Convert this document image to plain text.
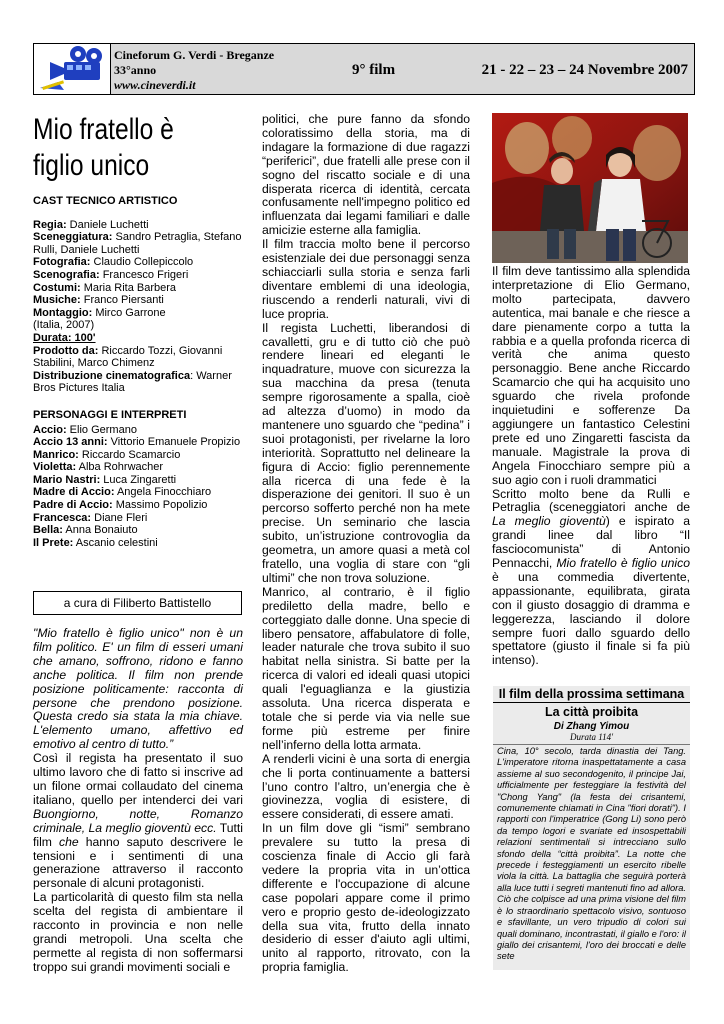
Cineforum G. Verdi - Breganze
33°anno
www.cineverdi.it
9° film	21 - 22 – 23 – 24 Novembre 2007
Mio fratello è
figlio unico

CAST TECNICO ARTISTICO

Regia: Daniele Luchetti

Sceneggiatura: Sandro Petraglia, Stefano Rulli, Daniele Luchetti

Fotografia: Claudio Collepiccolo

Scenografia: Francesco Frigeri

Costumi: Maria Rita Barbera

Musiche: Franco Piersanti

Montaggio: Mirco Garrone

(Italia, 2007)

Durata: 100'

Prodotto da: Riccardo Tozzi, Giovanni Stabilini, Marco Chimenz

Distribuzione cinematografica: Warner Bros Pictures Italia

PERSONAGGI E INTERPRETI

Accio: Elio Germano

Accio 13 anni: Vittorio Emanuele Propizio

Manrico: Riccardo Scamarcio

Violetta: Alba Rohrwacher

Mario Nastri: Luca Zingaretti

Madre di Accio: Angela Finocchiaro

Padre di Accio: Massimo Popolizio

Francesca: Diane Fleri

Bella: Anna Bonaiuto

Il Prete: Ascanio celestini

a cura di Filiberto Battistello

"Mio fratello è figlio unico" non è un film politico. E' un film di esseri umani che amano, soffrono, ridono e fanno anche politica. Il film non prende posizione politicamente: racconta di persone che prendono posizione. Questa credo sia stata la mia chiave. L'elemento umano, affettivo ed emotivo al centro di tutto.”

Così il regista ha presentato il suo ultimo lavoro che di fatto si inscrive ad un filone ormai collaudato del cinema italiano, quello per intenderci dei vari Buongiorno, notte, Romanzo criminale, La meglio gioventù ecc. Tutti film che hanno saputo descrivere le tensioni e i sentimenti di una generazione attraverso il racconto personale di alcuni protagonisti.

La particolarità di questo film sta nella scelta del regista di ambientare il racconto in provincia e non nelle grandi metropoli. Una scelta che permette al regista di non soffermarsi troppo sui grandi movimenti sociali e

politici, che pure fanno da sfondo coloratissimo della storia, ma di indagare la formazione di due ragazzi “periferici”, due fratelli alle prese con il sogno del riscatto sociale e di una disperata ricerca di identità, cercata confusamente nell'impegno politico ed influenzata dai legami familiari e dalle amicizie esterne alla famiglia.

Il film traccia molto bene il percorso esistenziale dei due personaggi senza schiacciarli sulla storia e senza farli diventare emblemi di una ideologia, riuscendo a renderli naturali, vivi di luce propria.

Il regista Luchetti, liberandosi di cavalletti, gru e di tutto ciò che può rendere lineari ed eleganti le inquadrature, muove con sicurezza la sua macchina da presa (tenuta sempre rigorosamente a spalla, cioè ad altezza d’uomo) in modo da mantenere uno sguardo che “pedina” i suoi protagonisti, per rivelarne la loro interiorità. Soprattutto nel delineare la figura di Accio: figlio perennemente alla ricerca di una fede è la disperazione dei genitori. Il suo è un percorso sofferto perché non ha mete precise. Un seminario che lascia subito, un’istruzione controvoglia da geometra, un amore quasi a metà col fratello, una voglia di stare con “gli ultimi” che non trova soluzione.

Manrico, al contrario, è il figlio prediletto della madre, bello e corteggiato dalle donne. Una specie di libero pensatore, affabulatore di folle, leader naturale che trova subito il suo habitat nella sinistra. Si batte per la ricerca di valori ed ideali quasi utopici quali l'eguaglianza e la giustizia assoluta. Una ricerca disperata e totale che si perde via via nelle sue forme più estreme per finire nell’inferno della lotta armata.

A renderli vicini è una sorta di energia che li porta continuamente a battersi l’uno contro l’altro, un’energia che è giovinezza, voglia di esistere, di essere considerati, di essere amati.

In un film dove gli “ismi” sembrano prevalere su tutto la presa di coscienza finale di Accio gli farà vedere la propria vita in un’ottica differente e l'occupazione di alcune case popolari appare come il primo vero e proprio gesto de-ideologizzato della sua vita, frutto della innato desiderio di esser d'aiuto agli ultimi, unito al rapporto, ritrovato, con la propria famiglia.

Il film deve tantissimo alla splendida interpretazione di Elio Germano, molto partecipata, davvero autentica, mai banale e che riesce a dare pienamente corpo a tutta la rabbia e a quella profonda ricerca di verità che anima questo personaggio. Bene anche Riccardo Scamarcio che qui ha acquisito uno sguardo che rivela profonde inquietudini e sofferenze Da aggiungere un fantastico Celestini prete ed uno Zingaretti fascista da manuale. Magistrale la prova di Angela Finocchiaro sempre più a suo agio con i ruoli drammatici

Scritto molto bene da Rulli e Petraglia (sceneggiatori anche de La meglio gioventù) e ispirato a grandi linee dal libro “Il fasciocomunista” di Antonio Pennacchi, Mio fratello è figlio unico è una commedia divertente, appassionante, equilibrata, girata con il giusto dosaggio di dramma e leggerezza, lasciando il dolore sempre fuori dallo sguardo dello spettatore (giusto il finale si fa più intenso).

Il film della prossima settimana
La città proibita
Di Zhang Yimou
Durata 114'
Cina, 10° secolo, tarda dinastia dei Tang. L'imperatore ritorna inaspettatamente a casa assieme al suo secondogenito, il principe Jai, ufficialmente per festeggiare la festività del "Chong Yang" (la festa dei crisantemi, comunemente chiamati in Cina "fiori dorati"). I rapporti con l'imperatrice (Gong Li) sono però da tempo logori e svariate ed insospettabili relazioni sentimentali si intrecciano sullo sfondo della “città proibita”. La notte che precede i festeggiamenti un esercito ribelle viola la città. La battaglia che seguirà porterà alla luce tutti i segreti mantenuti fino ad allora. Ciò che colpisce ad una prima visione del film è lo straordinario spettacolo visivo, sontuoso e sfavillante, un vero tripudio di colori sui quali dominano, incontrastati, il giallo e l'oro: il giallo dei crisantemi, l'oro dei broccati e delle sete
